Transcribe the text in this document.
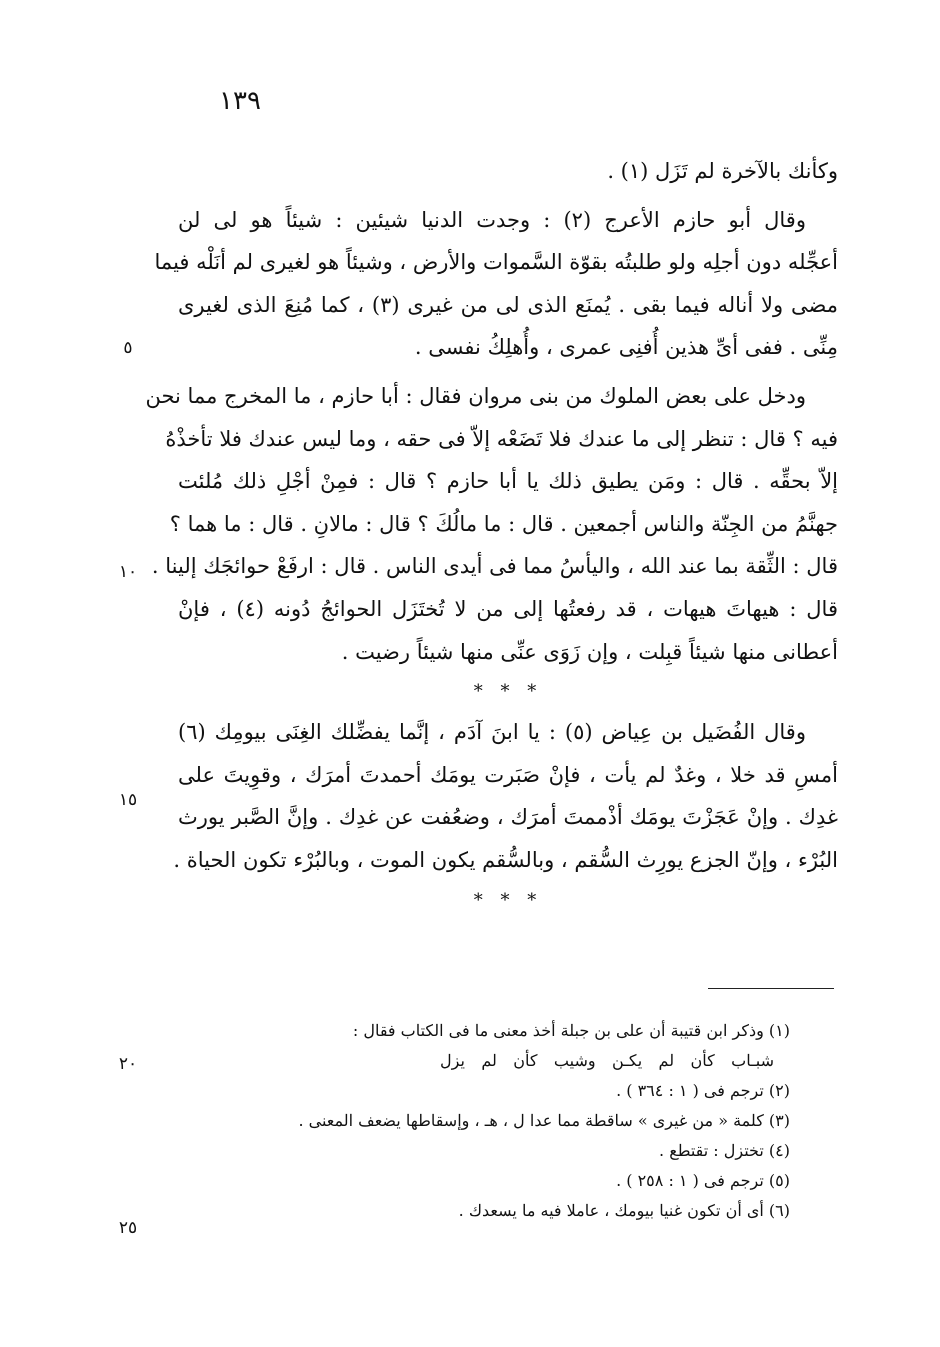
١٣٩
وكأنك بالآخرة لم تَزَل (١) .
وقال أبو حازم الأعرج (٢) : وجدت الدنيا شيئين : شيئاً هو لى لن
أعجِّله دون أجلِه ولو طلبتُه بقوّة السَّموات والأرض ، وشيئاً هو لغيرى لم أنَلْه فيما
مضى ولا أناله فيما بقى . يُمنَع الذى لى من غيرى (٣) ، كما مُنِعَ الذى لغيرى
مِنِّى . ففى أىِّ هذين أُفنِى عمرى ، وأُهلِكُ نفسى .
ودخل على بعض الملوك من بنى مروان فقال : أبا حازم ، ما المخرج مما نحن
فيه ؟ قال : تنظر إلى ما عندك فلا تَضَعْه إلاّ فى حقه ، وما ليس عندك فلا تأخذْهُ
إلاّ بحقِّه . قال : ومَن يطيق ذلك يا أبا حازم ؟ قال : فمِنْ أجْلِ ذلك مُلئت
جهنَّمُ من الجِنّة والناس أجمعين . قال : ما مالُكَ ؟ قال : مالانِ . قال : ما هما ؟
قال : الثِّقة بما عند الله ، واليأسُ مما فى أيدى الناس . قال : ارفَعْ حوائجَك إلينا .
قال : هيهاتَ هيهات ، قد رفعتُها إلى من لا تُختَزَل الحوائجُ دُونه (٤) ، فإنْ
أعطانى منها شيئاً قبِلت ، وإن زَوَى عنِّى منها شيئاً رضيت .
* * *
وقال الفُضَيل بن عِياض (٥) : يا ابنَ آدَم ، إنَّما يفضِّلك الغِنَى بيومِك (٦)
أمسِ قد خلا ، وغدٌ لم يأت ، فإنْ صَبَرت يومَك أحمدتَ أمرَك ، وقوِيتَ على
غدِك . وإنْ عَجَزْتَ يومَك أذْممتَ أمرَك ، وضعُفت عن غدِك . وإنَّ الصَّبر يورث
البُرْء ، وإنّ الجزع يورِث السُّقم ، وبالسُّقم يكون الموت ، وبالبُرْء تكون الحياة .
* * *
٥
١٠
١٥
٢٠
٢٥
(١) وذكر ابن قتيبة أن على بن جبلة أخذ معنى ما فى الكتاب فقال :
شبـاب
كأن
لم
يكـن
وشيب
كأن
لم
يزل
(٢) ترجم فى ( ١ : ٣٦٤ ) .
(٣) كلمة « من غيرى » ساقطة مما عدا ل ، هـ ، وإسقاطها يضعف المعنى .
(٤) تختزل : تقتطع .
(٥) ترجم فى ( ١ : ٢٥٨ ) .
(٦) أى أن تكون غنيا بيومك ، عاملا فيه ما يسعدك .
